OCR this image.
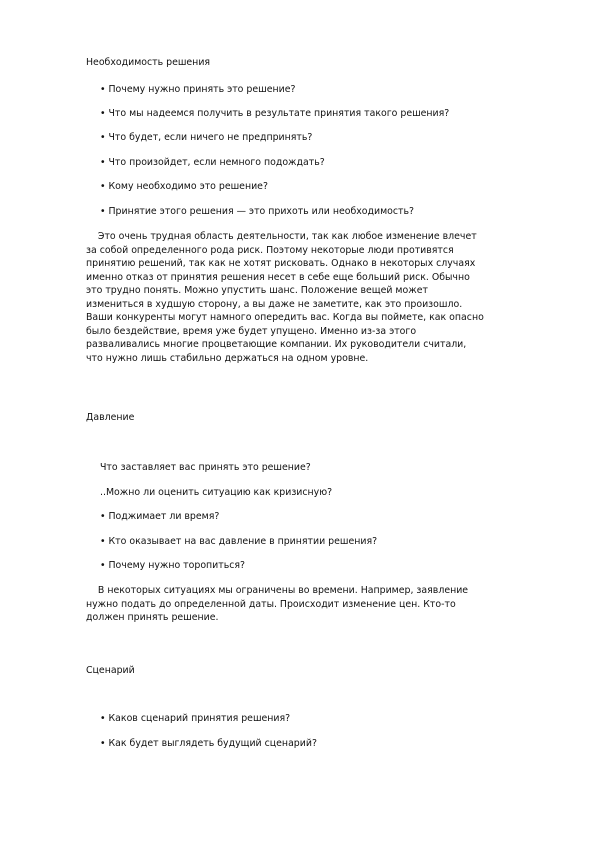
Необходимость решения
• Почему нужно принять это решение?
• Что мы надеемся получить в результате принятия такого решения?
• Что будет, если ничего не предпринять?
• Что произойдет, если немного подождать?
• Кому необходимо это решение?
• Принятие этого решения — это прихоть или необходимость?
Это очень трудная область деятельности, так как любое изменение влечет
за собой определенного рода риск. Поэтому некоторые люди противятся
принятию решений, так как не хотят рисковать. Однако в некоторых случаях
именно отказ от принятия решения несет в себе еще больший риск. Обычно
это трудно понять. Можно упустить шанс. Положение вещей может
измениться в худшую сторону, а вы даже не заметите, как это произошло.
Ваши конкуренты могут намного опередить вас. Когда вы поймете, как опасно
было бездействие, время уже будет упущено. Именно из-за этого
разваливались многие процветающие компании. Их руководители считали,
что нужно лишь стабильно держаться на одном уровне.
Давление
Что заставляет вас принять это решение?
..Можно ли оценить ситуацию как кризисную?
• Поджимает ли время?
• Кто оказывает на вас давление в принятии решения?
• Почему нужно торопиться?
В некоторых ситуациях мы ограничены во времени. Например, заявление
нужно подать до определенной даты. Происходит изменение цен. Кто-то
должен принять решение.
Сценарий
• Каков сценарий принятия решения?
• Как будет выглядеть будущий сценарий?
